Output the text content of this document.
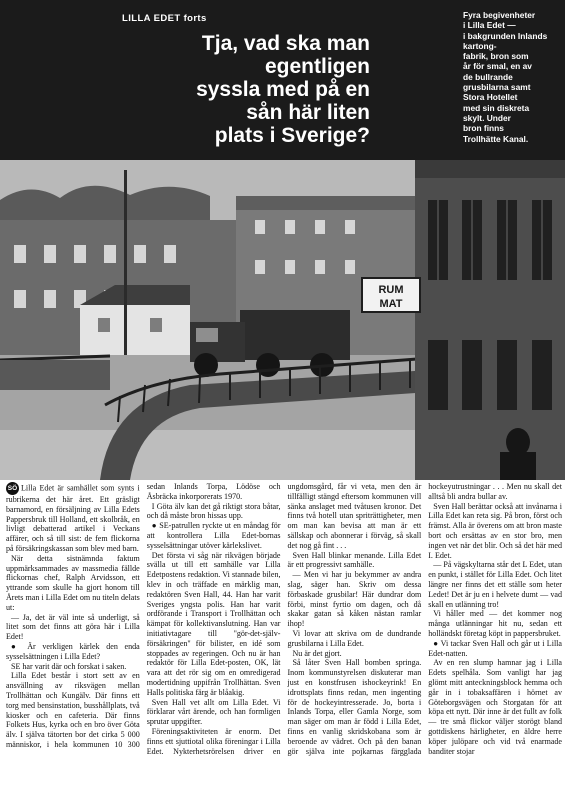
LILLA EDET forts
Tja, vad ska man
egentligen
syssla med på en
sån här liten
plats i Sverige?
Fyra begivenheter
i Lilla Edet —
i bakgrunden Inlands kartong-
fabrik, bron som
år för smal, en av
de bullrande
grusbilarna samt
Stora Hotellet
med sin diskreta
skylt. Under
bron finns
Trollhätte Kanal.
RUM
MAT

SÖ Lilla Edet är samhället som synts i rubrikerna det här året. Ett gräsligt barnamord, en försäljning av Lilla Edets Pappersbruk till Holland, ett skolbråk, en livligt debatterad artikel i Veckans affärer, och så till sist: de fem flickorna på försäkringskassan som blev med barn.

När detta sistnämnda faktum uppmärksammades av massmedia fällde flickornas chef, Ralph Arvidsson, ett yttrande som skulle ha gjort honom till Årets man i Lilla Edet om nu titeln delats ut:

— Ja, det är väl inte så underligt, så litet som det finns att göra här i Lilla Edet!

● Är verkligen kärlek den enda sysselsättningen i Lilla Edet?

SE har varit där och forskat i saken.

Lilla Edet består i stort sett av en ansvällning av riksvägen mellan Trollhättan och Kungälv. Där finns ett torg med bensinstation, busshållplats, två kiosker och en cafeteria. Där finns Folkets Hus, kyrka och en bro över Göta älv. I själva tätorten bor det cirka 5 000 människor, i hela kommunen 10 300 sedan Inlands Torpa, Lödöse och Åsbräcka inkorporerats 1970.

I Göta älv kan det gå riktigt stora båtar, och då måste bron hissas upp.

● SE-patrullen ryckte ut en måndag för att kontrollera Lilla Edet-bornas sysselsättningar utöver kärlekslivet.

Det första vi såg när rikvägen började svälla ut till ett samhälle var Lilla Edetpostens redaktion. Vi stannade bilen, klev in och träffade en märklig man, redaktören Sven Hall, 44. Han har varit Sveriges yngsta polis. Han har varit ordförande i Transport i Trollhättan och kämpat för kollektivanslutning. Han var initiativtagare till "gör-det-själv-försäkringen" för bilister, en idé som stoppades av regeringen. Och nu är han redaktör för Lilla Edet-posten, OK, lät vara att det rör sig om en omredigerad modertidning uppifrån Trollhättan. Sven Halls politiska färg är blåakig.

Sven Hall vet allt om Lilla Edet. Vi förklarar vårt ärende, och han formligen sprutar uppgifter.

Föreningsaktiviteten är enorm. Det finns ett sjuttiotal olika föreningar i Lilla Edet. Nykterhetsrörelsen driver en ungdomsgård, får vi veta, men den är tillfälligt stängd eftersom kommunen vill sänka anslaget med tvåtusen kronor. Det finns två hotell utan spriträttigheter, men om man kan bevisa att man är ett sällskap och abonnerar i förväg, så skall det nog gå fint . . .

Sven Hall blinkar menande. Lilla Edet är ett progressivt samhälle.

— Men vi har ju bekymmer av andra slag, säger han. Skriv om dessa förbaskade grusbilar! Här dundrar dom förbi, minst fyrtio om dagen, och då skakar gatan så kåken nästan ramlar ihop!

Vi lovar att skriva om de dundrande grusbilarna i Lilla Edet.

Nu är det gjort.

Så låter Sven Hall bomben springa. Inom kommunstyrelsen diskuterar man just en konstfrusen ishockeyrink! En idrottsplats finns redan, men ingenting för de hockeyintresserade. Jo, borta i Inlands Torpa, eller Gamla Norge, som man säger om man är född i Lilla Edet, finns en vanlig skridskobana som är beroende av vädret. Och på den banan gör själva inte pojkarnas färgglada hockeyutrustningar . . . Men nu skall det alltså bli andra bullar av.

Sven Hall berättar också att invånarna i Lilla Edet kan reta sig. På bron, först och främst. Alla är överens om att bron maste bort och ersättas av en stor bro, men ingen vet när det blir. Och så det här med I. Edet.

— På vägskyltarna står det L Edet, utan en punkt, i stället för Lilla Edet. Och litet längre ner finns det ett ställe som heter Ledet! Det är ju en i helvete dumt — vad skall en utlänning tro!

Vi håller med — det kommer nog många utlänningar hit nu, sedan ett holländskt företag köpt in pappersbruket.

● Vi tackar Sven Hall och går ut i Lilla Edet-natten.

Av en ren slump hamnar jag i Lilla Edets spelhåla. Som vanligt har jag glömt mitt anteckningsblock hemma och går in i tobaksaffären i hörnet av Göteborgsvägen och Storgatan för att köpa ett nytt. Där inne är det fullt av folk — tre små flickor väljer storögt bland gottdiskens härligheter, en äldre herre köper julöpare och vid två enarmade banditer stojar
